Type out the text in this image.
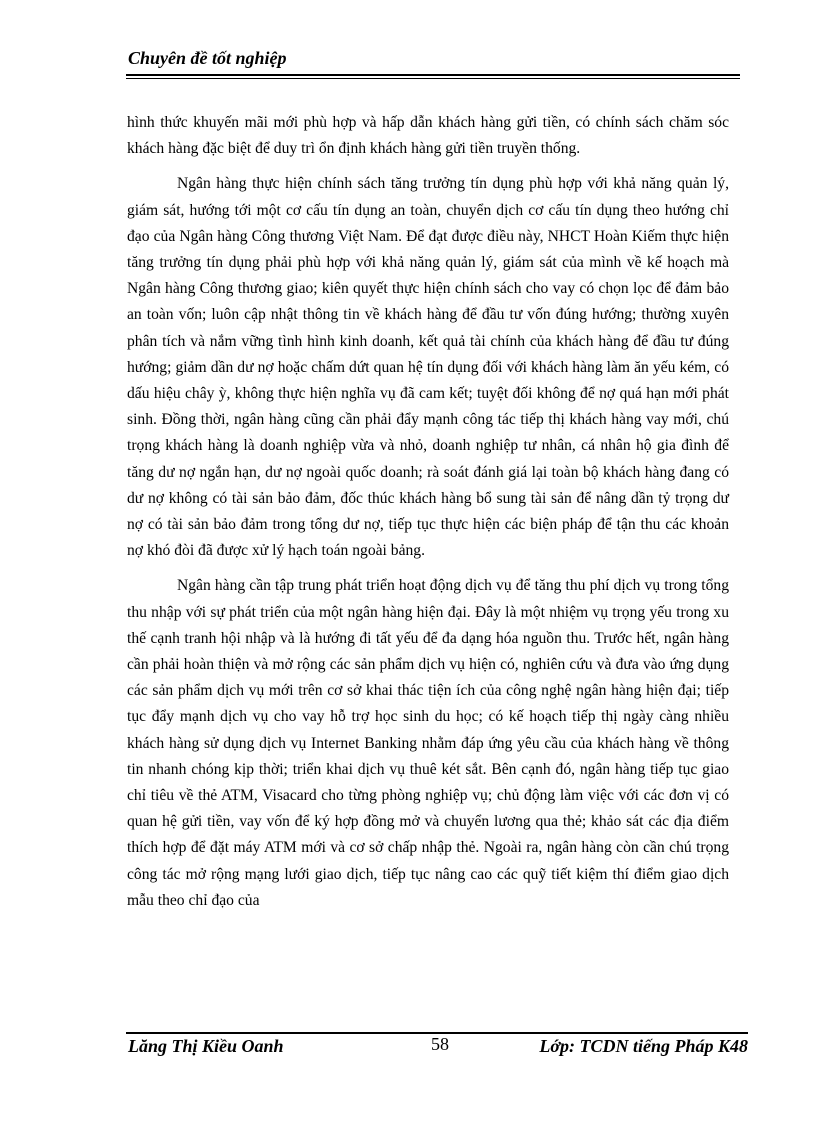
Chuyên đề tốt nghiệp

hình thức khuyến mãi mới phù hợp và hấp dẫn khách hàng gửi tiền, có chính sách chăm sóc khách hàng đặc biệt để duy trì ổn định khách hàng gửi tiền truyền thống.

Ngân hàng thực hiện chính sách tăng trưởng tín dụng phù hợp với khả năng quản lý, giám sát, hướng tới một cơ cấu tín dụng an toàn, chuyển dịch cơ cấu tín dụng theo hướng chỉ đạo của Ngân hàng Công thương Việt Nam. Để đạt được điều này, NHCT Hoàn Kiếm thực hiện tăng trưởng tín dụng phải phù hợp với khả năng quản lý, giám sát của mình về kế hoạch mà Ngân hàng Công thương giao; kiên quyết thực hiện chính sách cho vay có chọn lọc để đảm bảo an toàn vốn; luôn cập nhật thông tin về khách hàng để đầu tư vốn đúng hướng; thường xuyên phân tích và nắm vững tình hình kinh doanh, kết quả tài chính của khách hàng để đầu tư đúng hướng; giảm dần dư nợ hoặc chấm dứt quan hệ tín dụng đối với khách hàng làm ăn yếu kém, có dấu hiệu chây ỳ, không thực hiện nghĩa vụ đã cam kết; tuyệt đối không để nợ quá hạn mới phát sinh. Đồng thời, ngân hàng cũng cần phải đẩy mạnh công tác tiếp thị khách hàng vay mới, chú trọng khách hàng là doanh nghiệp vừa và nhỏ, doanh nghiệp tư nhân, cá nhân hộ gia đình để tăng dư nợ ngắn hạn, dư nợ ngoài quốc doanh; rà soát đánh giá lại toàn bộ khách hàng đang có dư nợ không có tài sản bảo đảm, đốc thúc khách hàng bổ sung tài sản để nâng dần tỷ trọng dư nợ có tài sản bảo đảm trong tổng dư nợ, tiếp tục thực hiện các biện pháp để tận thu các khoản nợ khó đòi đã được xử lý hạch toán ngoài bảng.

Ngân hàng cần tập trung phát triển hoạt động dịch vụ để tăng thu phí dịch vụ trong tổng thu nhập với sự phát triển của một ngân hàng hiện đại. Đây là một nhiệm vụ trọng yếu trong xu thế cạnh tranh hội nhập và là hướng đi tất yếu để đa dạng hóa nguồn thu. Trước hết, ngân hàng cần phải hoàn thiện và mở rộng các sản phẩm dịch vụ hiện có, nghiên cứu và đưa vào ứng dụng các sản phẩm dịch vụ mới trên cơ sở khai thác tiện ích của công nghệ ngân hàng hiện đại; tiếp tục đẩy mạnh dịch vụ cho vay hỗ trợ học sinh du học; có kế hoạch tiếp thị ngày càng nhiều khách hàng sử dụng dịch vụ Internet Banking nhằm đáp ứng yêu cầu của khách hàng về thông tin nhanh chóng kịp thời; triển khai dịch vụ thuê két sắt. Bên cạnh đó, ngân hàng tiếp tục giao chỉ tiêu về thẻ ATM, Visacard cho từng phòng nghiệp vụ; chủ động làm việc với các đơn vị có quan hệ gửi tiền, vay vốn để ký hợp đồng mở và chuyển lương qua thẻ; khảo sát các địa điểm thích hợp để đặt máy ATM mới và cơ sở chấp nhập thẻ. Ngoài ra, ngân hàng còn cần chú trọng công tác mở rộng mạng lưới giao dịch, tiếp tục nâng cao các quỹ tiết kiệm thí điểm giao dịch mẫu theo chỉ đạo của

Lăng Thị Kiều Oanh	58	Lớp: TCDN tiếng Pháp K48
